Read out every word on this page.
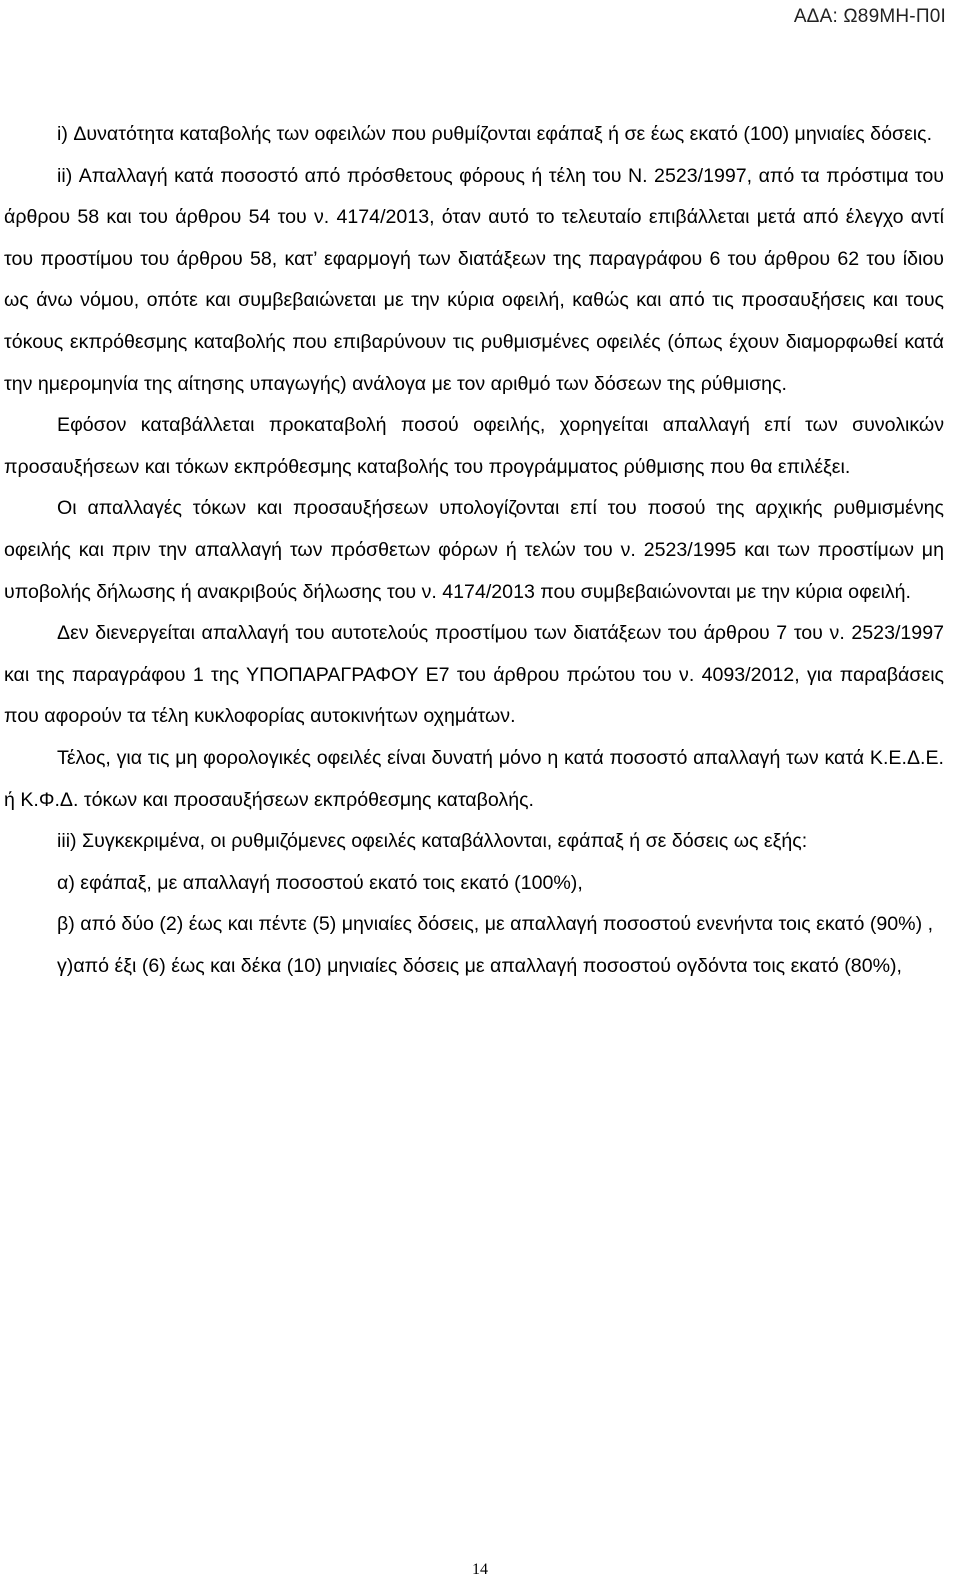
ΑΔΑ: Ω89ΜΗ-Π0Ι

i) Δυνατότητα καταβολής των οφειλών που ρυθμίζονται εφάπαξ ή σε έως εκατό (100) μηνιαίες δόσεις.

ii) Απαλλαγή κατά ποσοστό από πρόσθετους φόρους ή τέλη του Ν. 2523/1997, από τα πρόστιμα του άρθρου 58 και του άρθρου 54 του ν. 4174/2013, όταν αυτό το τελευταίο επιβάλλεται μετά από έλεγχο αντί του προστίμου του άρθρου 58, κατ’ εφαρμογή των διατάξεων της παραγράφου 6 του άρθρου 62 του ίδιου ως άνω νόμου, οπότε και συμβεβαιώνεται με την κύρια οφειλή, καθώς και από τις προσαυξήσεις και τους τόκους εκπρόθεσμης καταβολής που επιβαρύνουν τις ρυθμισμένες οφειλές (όπως έχουν διαμορφωθεί κατά την ημερομηνία της αίτησης υπαγωγής) ανάλογα με τον αριθμό των δόσεων της ρύθμισης.

Εφόσον καταβάλλεται προκαταβολή ποσού οφειλής, χορηγείται απαλλαγή επί των συνολικών προσαυξήσεων και τόκων εκπρόθεσμης καταβολής του προγράμματος ρύθμισης που θα επιλέξει.

Οι απαλλαγές τόκων και προσαυξήσεων υπολογίζονται επί του ποσού της αρχικής ρυθμισμένης οφειλής και πριν την απαλλαγή των πρόσθετων φόρων ή τελών του ν. 2523/1995 και των προστίμων μη υποβολής δήλωσης ή ανακριβούς δήλωσης του ν. 4174/2013 που συμβεβαιώνονται με την κύρια οφειλή.

Δεν διενεργείται απαλλαγή του αυτοτελούς προστίμου των διατάξεων του άρθρου 7 του ν. 2523/1997 και της παραγράφου 1 της ΥΠΟΠΑΡΑΓΡΑΦΟΥ Ε7 του άρθρου πρώτου του ν. 4093/2012, για παραβάσεις που αφορούν τα τέλη κυκλοφορίας αυτοκινήτων οχημάτων.

Τέλος, για τις μη φορολογικές οφειλές είναι δυνατή μόνο η κατά ποσοστό απαλλαγή των κατά Κ.Ε.Δ.Ε. ή Κ.Φ.Δ. τόκων και προσαυξήσεων εκπρόθεσμης καταβολής.

iii) Συγκεκριμένα, οι ρυθμιζόμενες οφειλές καταβάλλονται, εφάπαξ ή σε δόσεις ως εξής:

α) εφάπαξ, με απαλλαγή ποσοστού εκατό τοις εκατό (100%),

β) από δύο (2) έως και πέντε (5) μηνιαίες δόσεις, με απαλλαγή ποσοστού ενενήντα τοις εκατό (90%) ,

γ)από έξι (6) έως και δέκα (10) μηνιαίες δόσεις με απαλλαγή ποσοστού ογδόντα τοις εκατό (80%),

14
